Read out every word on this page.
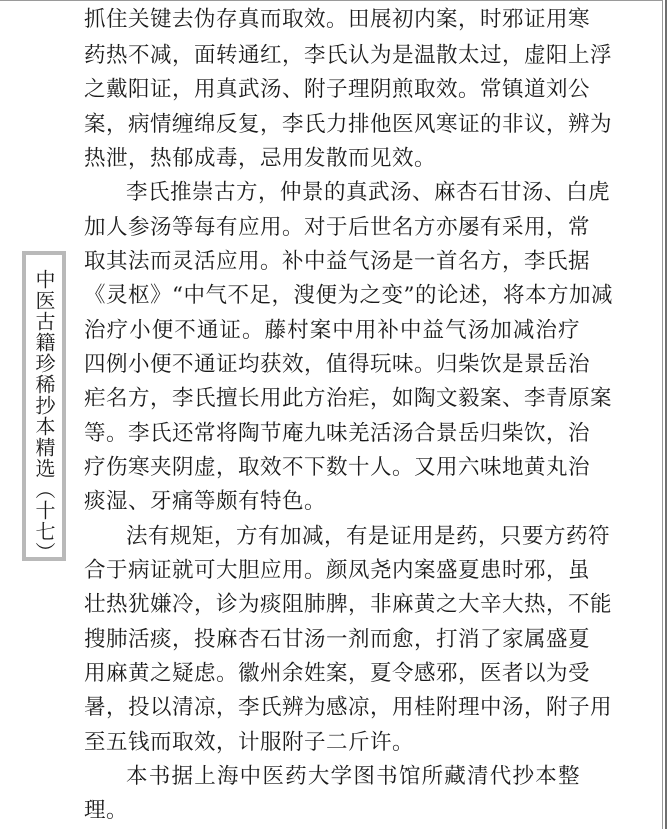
中医古籍珍稀抄本精选（十七）
抓住关键去伪存真而取效。田展初内案，时邪证用寒
药热不减，面转通红，李氏认为是温散太过，虚阳上浮
之戴阳证，用真武汤、附子理阴煎取效。常镇道刘公
案，病情缠绵反复，李氏力排他医风寒证的非议，辨为
热泄，热郁成毒，忌用发散而见效。
李氏推崇古方，仲景的真武汤、麻杏石甘汤、白虎
加人参汤等每有应用。对于后世名方亦屡有采用，常
取其法而灵活应用。补中益气汤是一首名方，李氏据
《灵枢》“中气不足，溲便为之变”的论述，将本方加减
治疗小便不通证。藤村案中用补中益气汤加减治疗
四例小便不通证均获效，值得玩味。归柴饮是景岳治
疟名方，李氏擅长用此方治疟，如陶文毅案、李青原案
等。李氏还常将陶节庵九味羌活汤合景岳归柴饮，治
疗伤寒夹阴虚，取效不下数十人。又用六味地黄丸治
痰湿、牙痛等颇有特色。
法有规矩，方有加减，有是证用是药，只要方药符
合于病证就可大胆应用。颜凤尧内案盛夏患时邪，虽
壮热犹嫌冷，诊为痰阻肺脾，非麻黄之大辛大热，不能
搜肺活痰，投麻杏石甘汤一剂而愈，打消了家属盛夏
用麻黄之疑虑。徽州余姓案，夏令感邪，医者以为受
暑，投以清凉，李氏辨为感凉，用桂附理中汤，附子用
至五钱而取效，计服附子二斤许。
本书据上海中医药大学图书馆所藏清代抄本整
理。
